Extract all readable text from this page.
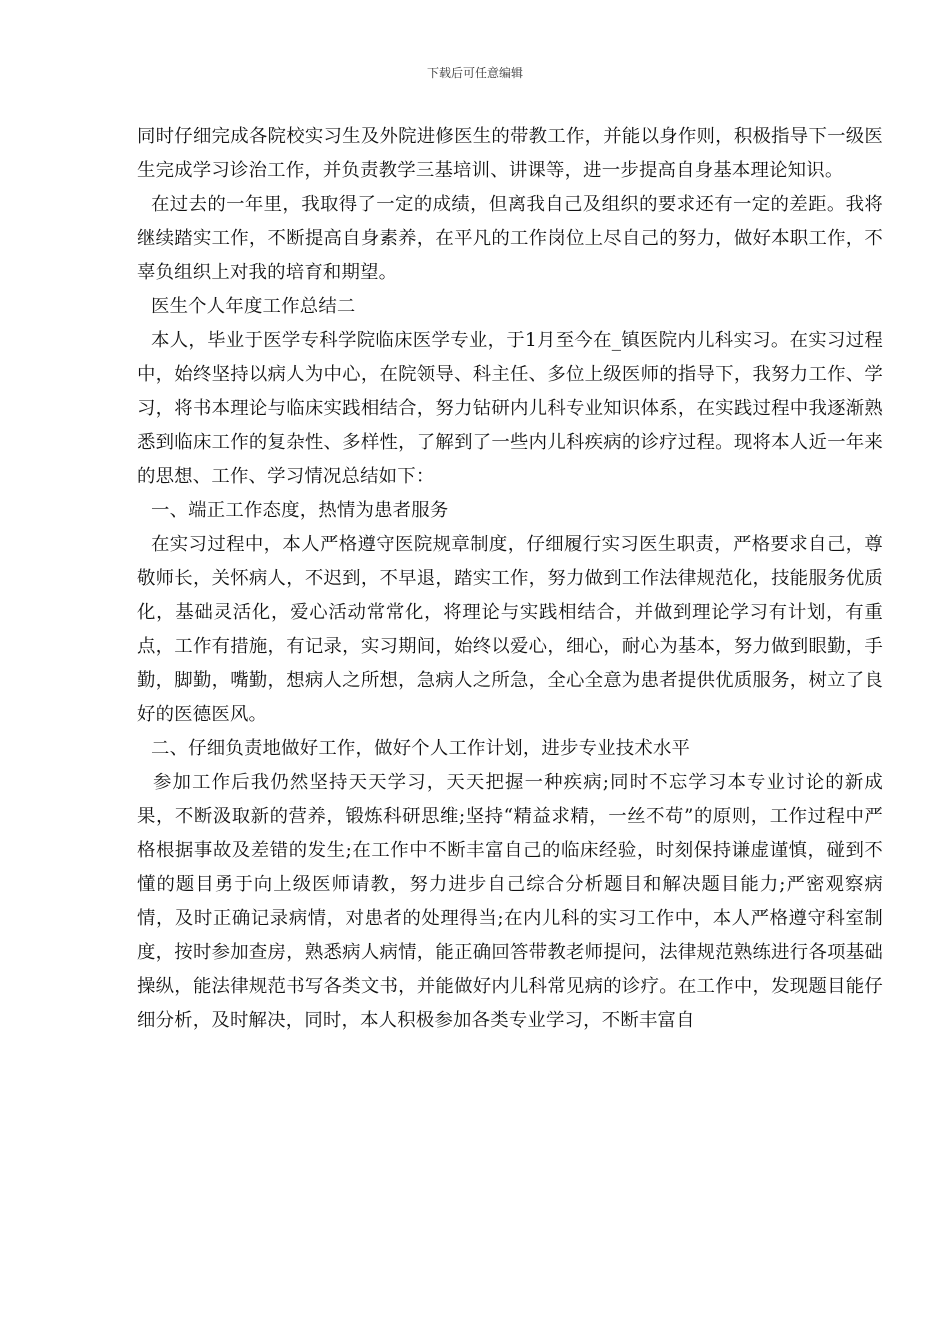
下载后可任意编辑

同时仔细完成各院校实习生及外院进修医生的带教工作，并能以身作则，积极指导下一级医生完成学习诊治工作，并负责教学三基培训、讲课等，进一步提高自身基本理论知识。

在过去的一年里，我取得了一定的成绩，但离我自己及组织的要求还有一定的差距。我将继续踏实工作，不断提高自身素养，在平凡的工作岗位上尽自己的努力，做好本职工作，不辜负组织上对我的培育和期望。

医生个人年度工作总结二

本人，毕业于医学专科学院临床医学专业，于1月至今在_镇医院内儿科实习。在实习过程中，始终坚持以病人为中心，在院领导、科主任、多位上级医师的指导下，我努力工作、学习，将书本理论与临床实践相结合，努力钻研内儿科专业知识体系，在实践过程中我逐渐熟悉到临床工作的复杂性、多样性，了解到了一些内儿科疾病的诊疗过程。现将本人近一年来的思想、工作、学习情况总结如下：

一、端正工作态度，热情为患者服务

在实习过程中，本人严格遵守医院规章制度，仔细履行实习医生职责，严格要求自己，尊敬师长，关怀病人，不迟到，不早退，踏实工作，努力做到工作法律规范化，技能服务优质化，基础灵活化，爱心活动常常化，将理论与实践相结合，并做到理论学习有计划，有重点，工作有措施，有记录，实习期间，始终以爱心，细心，耐心为基本，努力做到眼勤，手勤，脚勤，嘴勤，想病人之所想，急病人之所急，全心全意为患者提供优质服务，树立了良好的医德医风。

二、仔细负责地做好工作，做好个人工作计划，进步专业技术水平

参加工作后我仍然坚持天天学习，天天把握一种疾病;同时不忘学习本专业讨论的新成果，不断汲取新的营养，锻炼科研思维;坚持“精益求精，一丝不苟”的原则，工作过程中严格根据事故及差错的发生;在工作中不断丰富自己的临床经验，时刻保持谦虚谨慎，碰到不懂的题目勇于向上级医师请教，努力进步自己综合分析题目和解决题目能力;严密观察病情，及时正确记录病情，对患者的处理得当;在内儿科的实习工作中，本人严格遵守科室制度，按时参加查房，熟悉病人病情，能正确回答带教老师提问，法律规范熟练进行各项基础操纵，能法律规范书写各类文书，并能做好内儿科常见病的诊疗。在工作中，发现题目能仔细分析，及时解决，同时，本人积极参加各类专业学习，不断丰富自
